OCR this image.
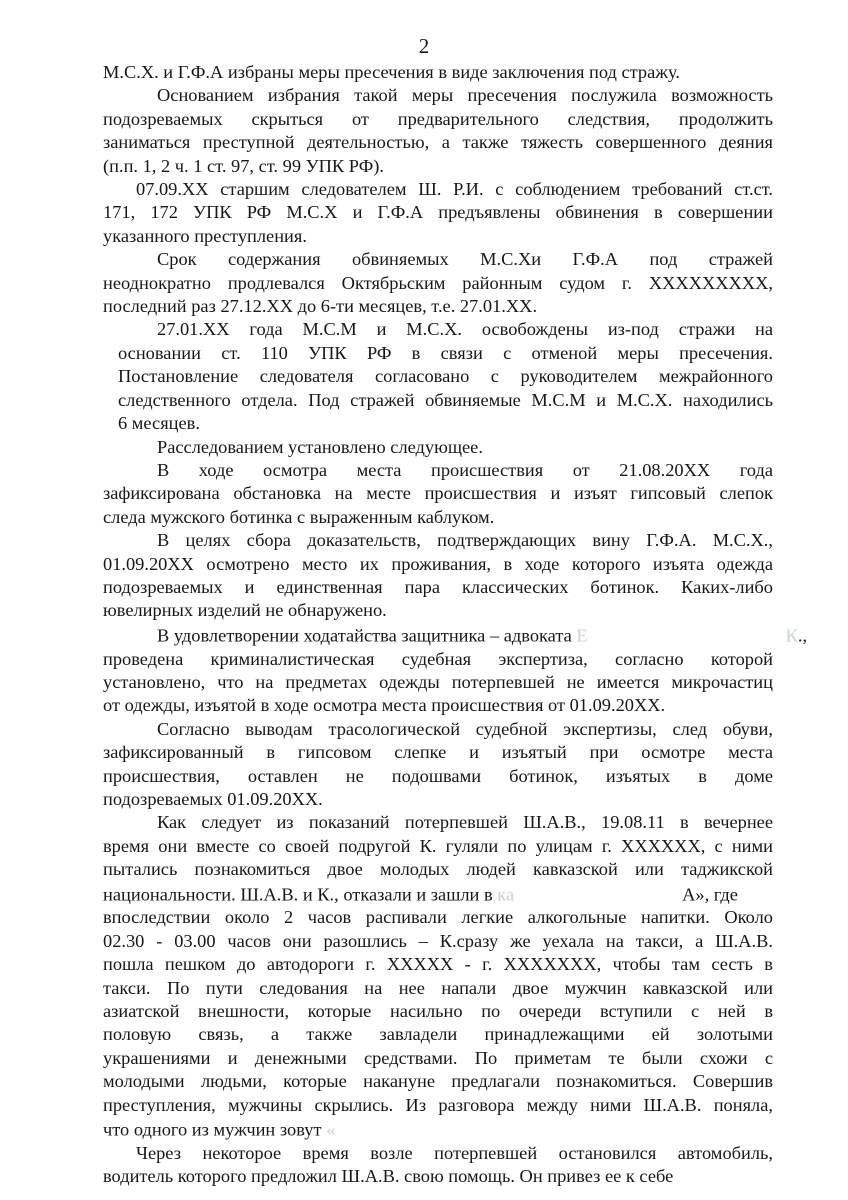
2
М.С.Х. и Г.Ф.А избраны меры пресечения в виде заключения под стражу.
Основанием избрания такой меры пресечения послужила возможность
подозреваемых скрыться от предварительного следствия, продолжить
заниматься преступной деятельностью, а также тяжесть совершенного деяния
(п.п. 1, 2 ч. 1 ст. 97, ст. 99 УПК РФ).
07.09.ХХ старшим следователем Ш. Р.И. с соблюдением требований ст.ст.
171, 172 УПК РФ М.С.Х и Г.Ф.А предъявлены обвинения в совершении
указанного преступления.
Срок содержания обвиняемых М.С.Хи Г.Ф.А под стражей
неоднократно продлевался Октябрьским районным судом г. ХХХХХХХХХ,
последний раз 27.12.ХХ до 6-ти месяцев, т.е. 27.01.ХХ.
27.01.ХХ года М.С.М и М.С.Х. освобождены из-под стражи на
основании ст. 110 УПК РФ в связи с отменой меры пресечения.
Постановление следователя согласовано с руководителем межрайонного
следственного отдела. Под стражей обвиняемые М.С.М и М.С.Х. находились
6 месяцев.
Расследованием установлено следующее.
В ходе осмотра места происшествия от 21.08.20ХХ года
зафиксирована обстановка на месте происшествия и изъят гипсовый слепок
следа мужского ботинка с выраженным каблуком.
В целях сбора доказательств, подтверждающих вину Г.Ф.А. М.С.Х.,
01.09.20ХХ осмотрено место их проживания, в ходе которого изъята одежда
подозреваемых и единственная пара классических ботинок. Каких-либо
ювелирных изделий не обнаружено.
В удовлетворении ходатайства защитника – адвоката Е	К.,
проведена криминалистическая судебная экспертиза, согласно которой
установлено, что на предметах одежды потерпевшей не имеется микрочастиц
от одежды, изъятой в ходе осмотра места происшествия от 01.09.20ХХ.
Согласно выводам трасологической судебной экспертизы, след обуви,
зафиксированный в гипсовом слепке и изъятый при осмотре места
происшествия, оставлен не подошвами ботинок, изъятых в доме
подозреваемых 01.09.20ХХ.
Как следует из показаний потерпевшей Ш.А.В., 19.08.11 в вечернее
время они вместе со своей подругой К. гуляли по улицам г. ХХХХХХ, с ними
пытались познакомиться двое молодых людей кавказской или таджикской
национальности. Ш.А.В. и К., отказали и зашли в ка	А», где
впоследствии около 2 часов распивали легкие алкогольные напитки. Около
02.30 - 03.00 часов они разошлись – К.сразу же уехала на такси, а Ш.А.В.
пошла пешком до автодороги г. ХХХХХ - г. ХХХХХХХ, чтобы там сесть в
такси. По пути следования на нее напали двое мужчин кавказской или
азиатской внешности, которые насильно по очереди вступили с ней в
половую связь, а также завладели принадлежащими ей золотыми
украшениями и денежными средствами. По приметам те были схожи с
молодыми людьми, которые накануне предлагали познакомиться. Совершив
преступления, мужчины скрылись. Из разговора между ними Ш.А.В. поняла,
что одного из мужчин зовут «
Через некоторое время возле потерпевшей остановился автомобиль,
водитель которого предложил Ш.А.В. свою помощь. Он привез ее к себе
